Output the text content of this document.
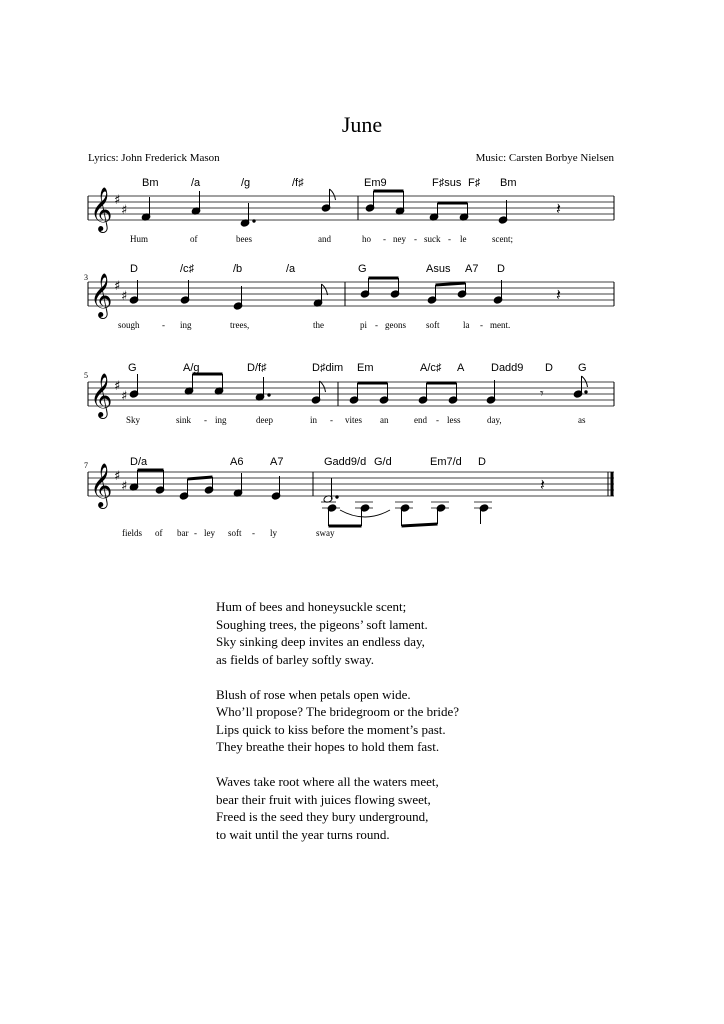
June
Lyrics: John Frederick Mason	Music: Carsten Borbye Nielsen
𝄞 ♯
♯	𝄽
𝄞 ♯
♯	𝄽
𝄞 ♯
♯	𝄾
𝄞 ♯
♯	𝄽
3
5
7
Bm	/a	/g	/f♯	Em9	F♯sus F♯ Bm
D	/c♯	/b	/a	G	Asus A7 D
G	A/g	D/f♯	D♯dim Em	A/c♯ A Dadd9 D G
D/a	A6 A7	Gadd9/d G/d	Em7/d D
Hum	of	bees	and	ho - ney - suck - le	scent;
sough - ing	trees,	the	pi - geons soft	la - ment.
Sky	sink - ing	deep	in - vites an	end - less	day,	as
fields of bar - ley soft - ly	sway
Hum of bees and honeysuckle scent;
Soughing trees, the pigeons’ soft lament.
Sky sinking deep invites an endless day,
as fields of barley softly sway.
Blush of rose when petals open wide.
Who’ll propose? The bridegroom or the bride?
Lips quick to kiss before the moment’s past.
They breathe their hopes to hold them fast.
Waves take root where all the waters meet,
bear their fruit with juices flowing sweet,
Freed is the seed they bury underground,
to wait until the year turns round.
